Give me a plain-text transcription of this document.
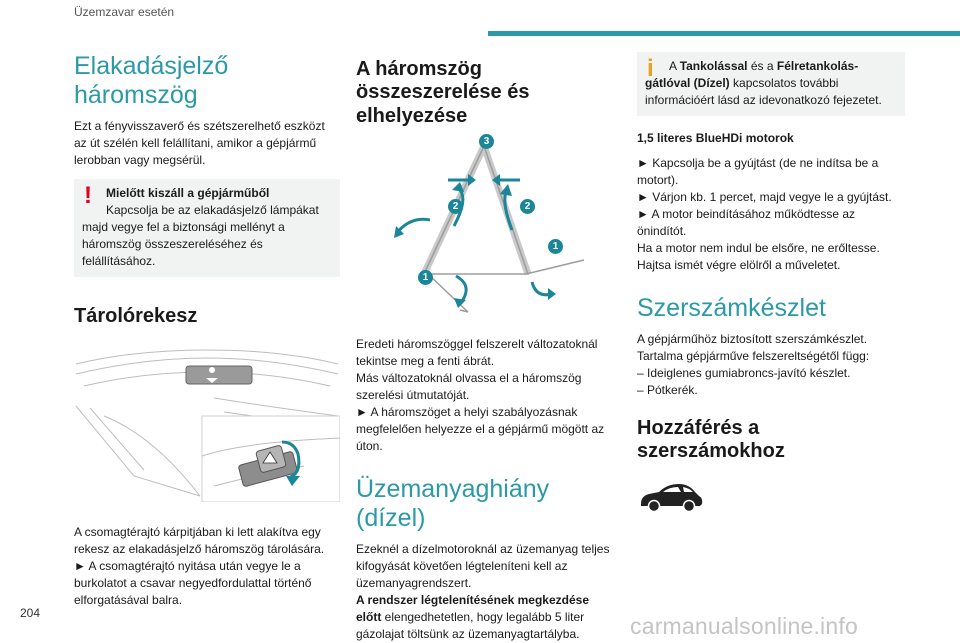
Üzemzavar esetén
Elakadásjelző háromszög

Ezt a fényvisszaverő és szétszerelhető eszközt az út szélén kell felállítani, amikor a gépjármű lerobban vagy megsérül.

!	Mielőtt kiszáll a gépjárműből
Kapcsolja be az elakadásjelző lámpákat majd vegye fel a biztonsági mellényt a háromszög összeszereléséhez és felállításához.
Tárolórekesz

A csomagtérajtó kárpitjában ki lett alakítva egy rekesz az elakadásjelző háromszög tárolására.

► A csomagtérajtó nyitása után vegye le a burkolatot a csavar negyedfordulattal történő elforgatásával balra.

A háromszög összeszerelése és elhelyezése
3
2	2
1
1

Eredeti háromszöggel felszerelt változatoknál tekintse meg a fenti ábrát.

Más változatoknál olvassa el a háromszög szerelési útmutatóját.

► A háromszöget a helyi szabályozásnak megfelelően helyezze el a gépjármű mögött az úton.

Üzemanyaghiány (dízel)

Ezeknél a dízelmotoroknál az üzemanyag teljes kifogyását követően légteleníteni kell az üzemanyagrendszert.

A rendszer légtelenítésének megkezdése előtt elengedhetetlen, hogy legalább 5 liter gázolajat töltsünk az üzemanyagtartályba.

i	A Tankolással és a Félretankolás-gátlóval (Dízel) kapcsolatos további információért lásd az idevonatkozó fejezetet.

1,5 literes BlueHDi motorok

► Kapcsolja be a gyújtást (de ne indítsa be a motort).

► Várjon kb. 1 percet, majd vegye le a gyújtást.

► A motor beindításához működtesse az önindítót.

Ha a motor nem indul be elsőre, ne erőltesse. Hajtsa ismét végre elölről a műveletet.

Szerszámkészlet

A gépjárműhöz biztosított szerszámkészlet. Tartalma gépjárműve felszereltségétől függ:

– Ideiglenes gumiabroncs-javító készlet.

– Pótkerék.

Hozzáférés a szerszámokhoz
204	carmanualsonline.info
